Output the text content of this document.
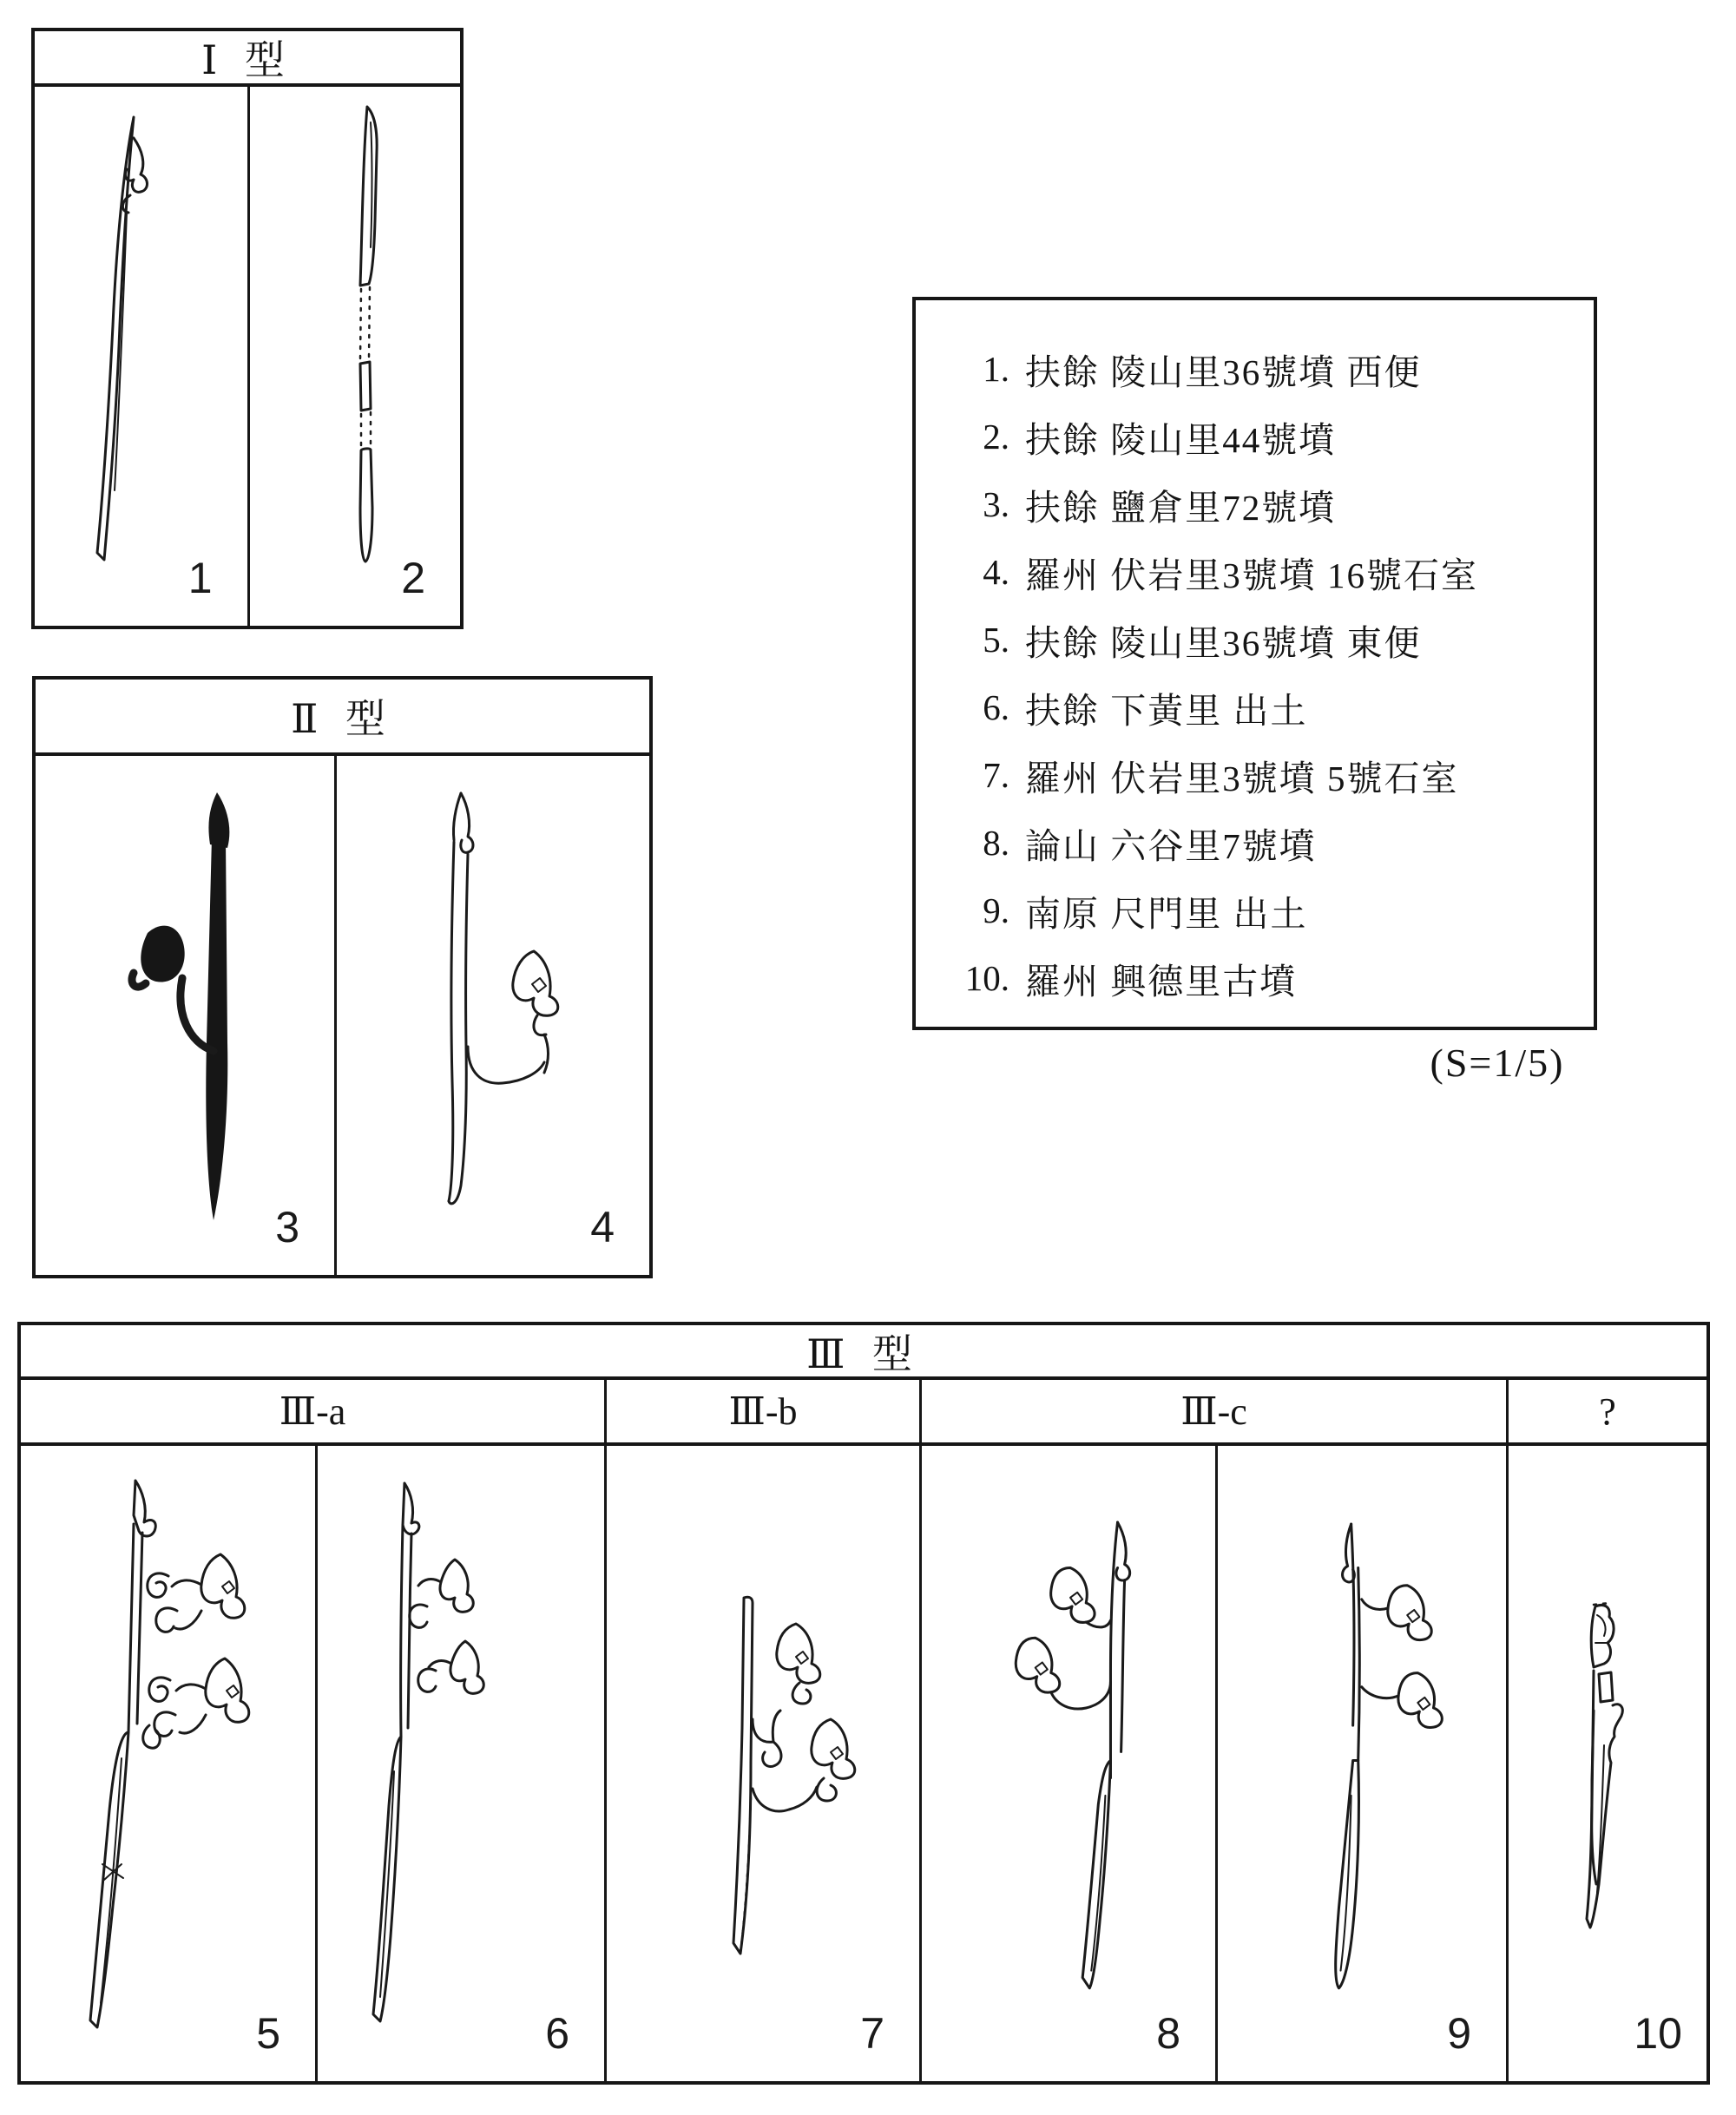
Ⅰ 型
1	2
Ⅱ 型
3	4
1. 扶餘 陵山里36號墳 西便
2. 扶餘 陵山里44號墳
3. 扶餘 鹽倉里72號墳
4. 羅州 伏岩里3號墳 16號石室
5. 扶餘 陵山里36號墳 東便
6. 扶餘 下黃里 出土
7. 羅州 伏岩里3號墳 5號石室
8. 論山 六谷里7號墳
9. 南原 尺門里 出土
10. 羅州 興德里古墳
(S=1/5)
Ⅲ 型
Ⅲ-a	Ⅲ-b	Ⅲ-c	?
5	6	7	8	9	10
